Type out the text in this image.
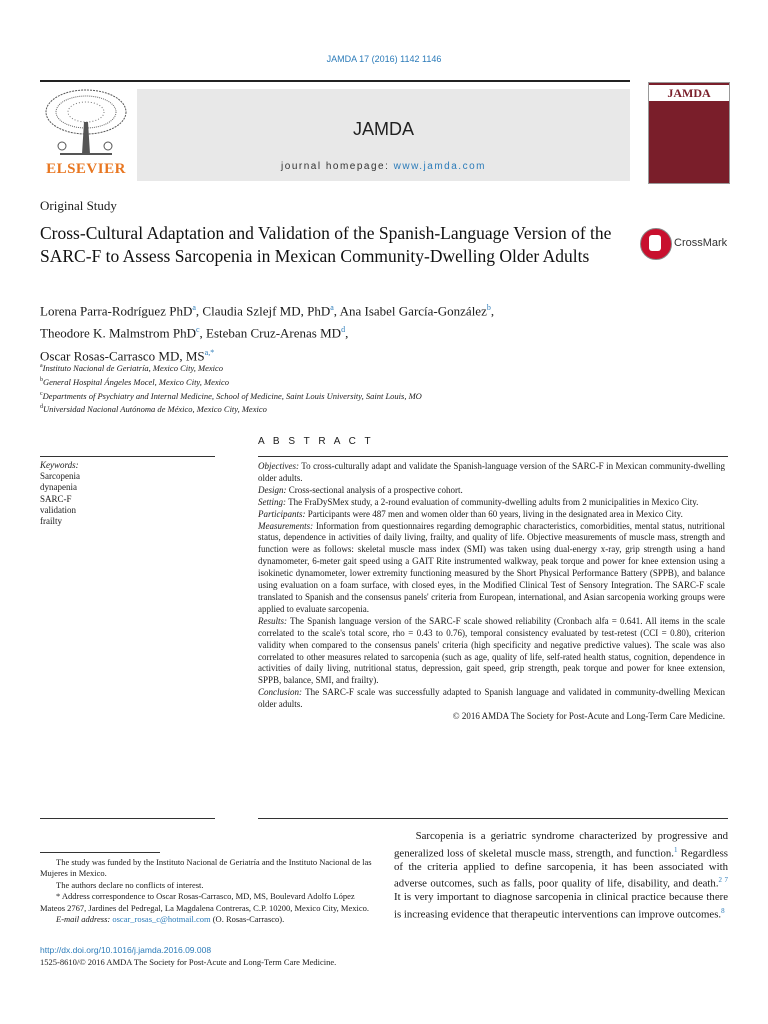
JAMDA 17 (2016) 1142 1146
ELSEVIER
JAMDA
journal homepage: www.jamda.com
JAMDA
Original Study
Cross-Cultural Adaptation and Validation of the Spanish-Language Version of the SARC-F to Assess Sarcopenia in Mexican Community-Dwelling Older Adults
CrossMark
Lorena Parra-Rodríguez PhD$^a$, Claudia Szlejf MD, PhD$^a$, Ana Isabel García-González$^b$,
Theodore K. Malmstrom PhD$^c$, Esteban Cruz-Arenas $MD^d$,
Oscar Rosas-Carrasco MD, $MS^{a,*}$
$^a$Instituto Nacional de Geriatría, Mexico City, Mexico
$^b$General Hospital Ángeles Mocel, Mexico City, Mexico
$^c$Departments of Psychiatry and Internal Medicine, School of Medicine, Saint Louis University, Saint Louis, MO
$^d$Universidad Nacional Autónoma de México, Mexico City, Mexico
A B S T R A C T
Keywords:
Sarcopenia
dynapenia
SARC-F
validation
frailty

Objectives: To cross-culturally adapt and validate the Spanish-language version of the SARC-F in Mexican community-dwelling older adults.

Design: Cross-sectional analysis of a prospective cohort.

Setting: The FraDySMex study, a 2-round evaluation of community-dwelling adults from 2 municipalities in Mexico City.

Participants: Participants were 487 men and women older than 60 years, living in the designated area in Mexico City.

Measurements: Information from questionnaires regarding demographic characteristics, comorbidities, mental status, nutritional status, dependence in activities of daily living, frailty, and quality of life. Objective measurements of muscle mass, strength and function were as follows: skeletal muscle mass index (SMI) was taken using dual-energy x-ray, grip strength using a hand dynamometer, 6-meter gait speed using a GAIT Rite instrumented walkway, peak torque and power for knee extension using a isokinetic dynamometer, lower extremity functioning measured by the Short Physical Performance Battery (SPPB), and balance using evaluation on a foam surface, with closed eyes, in the Modified Clinical Test of Sensory Integration. The SARC-F scale translated to Spanish and the consensus panels' criteria from European, international, and Asian sarcopenia working groups were applied to evaluate sarcopenia.

Results: The Spanish language version of the SARC-F scale showed reliability (Cronbach alfa = 0.641. All items in the scale correlated to the scale's total score, rho = 0.43 to 0.76), temporal consistency evaluated by test-retest (CCI = 0.80), criterion validity when compared to the consensus panels' criteria (high specificity and negative predictive values). The scale was also correlated to other measures related to sarcopenia (such as age, quality of life, self-rated health status, cognition, dependence in activities of daily living, nutritional status, depression, gait speed, grip strength, peak torque and power for knee extension, SPPB, balance, SMI, and frailty).

Conclusion: The SARC-F scale was successfully adapted to Spanish language and validated in community-dwelling Mexican older adults.

© 2016 AMDA The Society for Post-Acute and Long-Term Care Medicine.

The study was funded by the Instituto Nacional de Geriatría and the Instituto Nacional de las Mujeres in Mexico.

The authors declare no conflicts of interest.

* Address correspondence to Oscar Rosas-Carrasco, MD, MS, Boulevard Adolfo López Mateos 2767, Jardines del Pedregal, La Magdalena Contreras, C.P. 10200, Mexico City, Mexico.

E-mail address: oscar_rosas_c@hotmail.com (O. Rosas-Carrasco).

http://dx.doi.org/10.1016/j.jamda.2016.09.008
1525-8610/© 2016 AMDA The Society for Post-Acute and Long-Term Care Medicine.
  Sarcopenia is a geriatric syndrome characterized by progressive and generalized loss of skeletal muscle mass, strength, and function.$^1$ Regardless of the criteria applied to define sarcopenia, it has been associated with adverse outcomes, such as falls, poor quality of life, disability, and death.$^{2 7}$ It is very important to diagnose sarcopenia in clinical practice because there is increasing evidence that therapeutic interventions can improve outcomes.$^8$
